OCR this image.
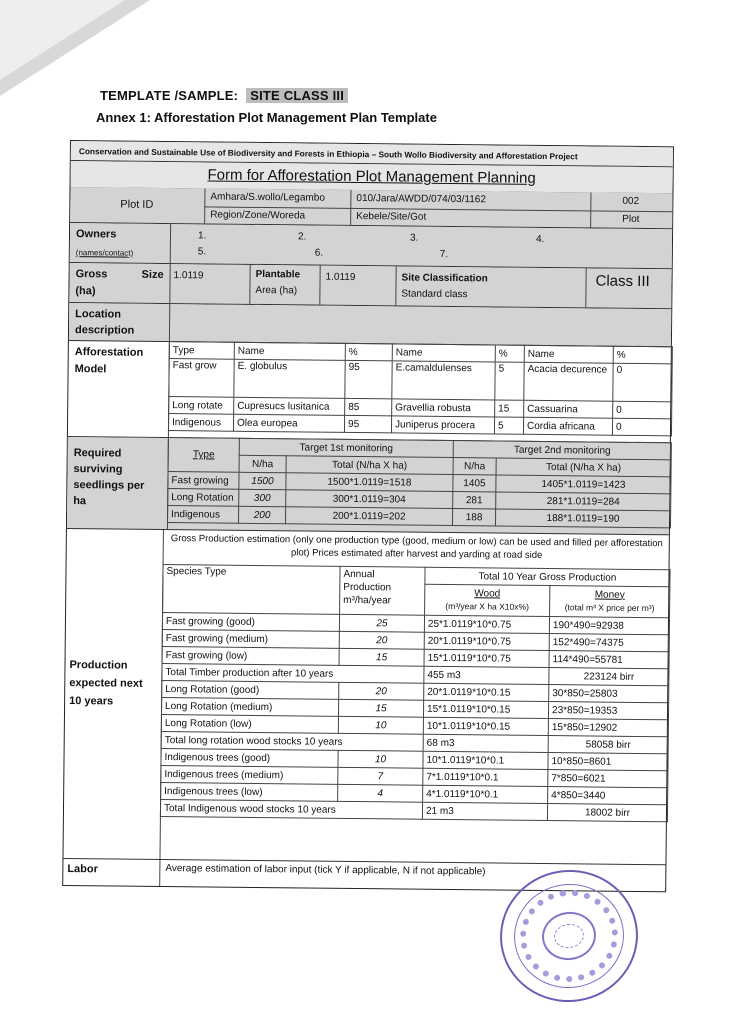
TEMPLATE /SAMPLE: SITE CLASS III
Annex 1: Afforestation Plot Management Plan Template
Conservation and Sustainable Use of Biodiversity and Forests in Ethiopia – South Wollo Biodiversity and Afforestation Project
Form for Afforestation Plot Management Planning
Plot ID
Amhara/S.wollo/Legambo	010/Jara/AWDD/074/03/1162	002
Region/Zone/Woreda	Kebele/Site/Got	Plot
Owners
(names/contact)
1.	2.	3.	4.
5.	6.	7.
Gross	Size
(ha)
1.0119	Plantable
Area (ha)
1.0119	Site Classification
Standard class
Class III
Location
description
Afforestation
Model
Type	Name	%	Name	%	Name	%
Fast grow	E. globulus	95	E.camaldulenses	5	Acacia decurence	0
Long rotate	Cupresucs lusitanica	85	Gravellia robusta	15	Cassuarina	0
Indigenous	Olea europea	95	Juniperus procera	5	Cordia africana	0
Required
surviving
seedlings per
ha
Type	Target 1st monitoring		Target 2nd monitoring	
	N/ha	Total (N/ha X ha)	N/ha	Total (N/ha X ha)
Fast growing	1500	1500*1.0119=1518	1405	1405*1.0119=1423
Long Rotation	300	300*1.0119=304	281	281*1.0119=284
Indigenous	200	200*1.0119=202	188	188*1.0119=190
Production
expected next
10 years
Gross Production estimation (only one production type (good, medium or low) can be used and filled per afforestation plot) Prices estimated after harvest and yarding at road side
Species Type	Annual Production m³/ha/year	Total 10 Year Gross Production	
		Wood
(m³/year X ha X10x%)	Money
(total m³ X price per m³)
Fast growing (good)	25	25*1.0119*10*0.75	190*490=92938
Fast growing (medium)	20	20*1.0119*10*0.75	152*490=74375
Fast growing (low)	15	15*1.0119*10*0.75	114*490=55781
Total Timber production after 10 years		455 m3	223124 birr
Long Rotation (good)	20	20*1.0119*10*0.15	30*850=25803
Long Rotation (medium)	15	15*1.0119*10*0.15	23*850=19353
Long Rotation (low)	10	10*1.0119*10*0.15	15*850=12902
Total long rotation wood stocks 10 years		68 m3	58058 birr
Indigenous trees (good)	10	10*1.0119*10*0.1	10*850=8601
Indigenous trees (medium)	7	7*1.0119*10*0.1	7*850=6021
Indigenous trees (low)	4	4*1.0119*10*0.1	4*850=3440
Total Indigenous wood stocks 10 years		21 m3	18002 birr
Labor	Average estimation of labor input (tick Y if applicable, N if not applicable)
